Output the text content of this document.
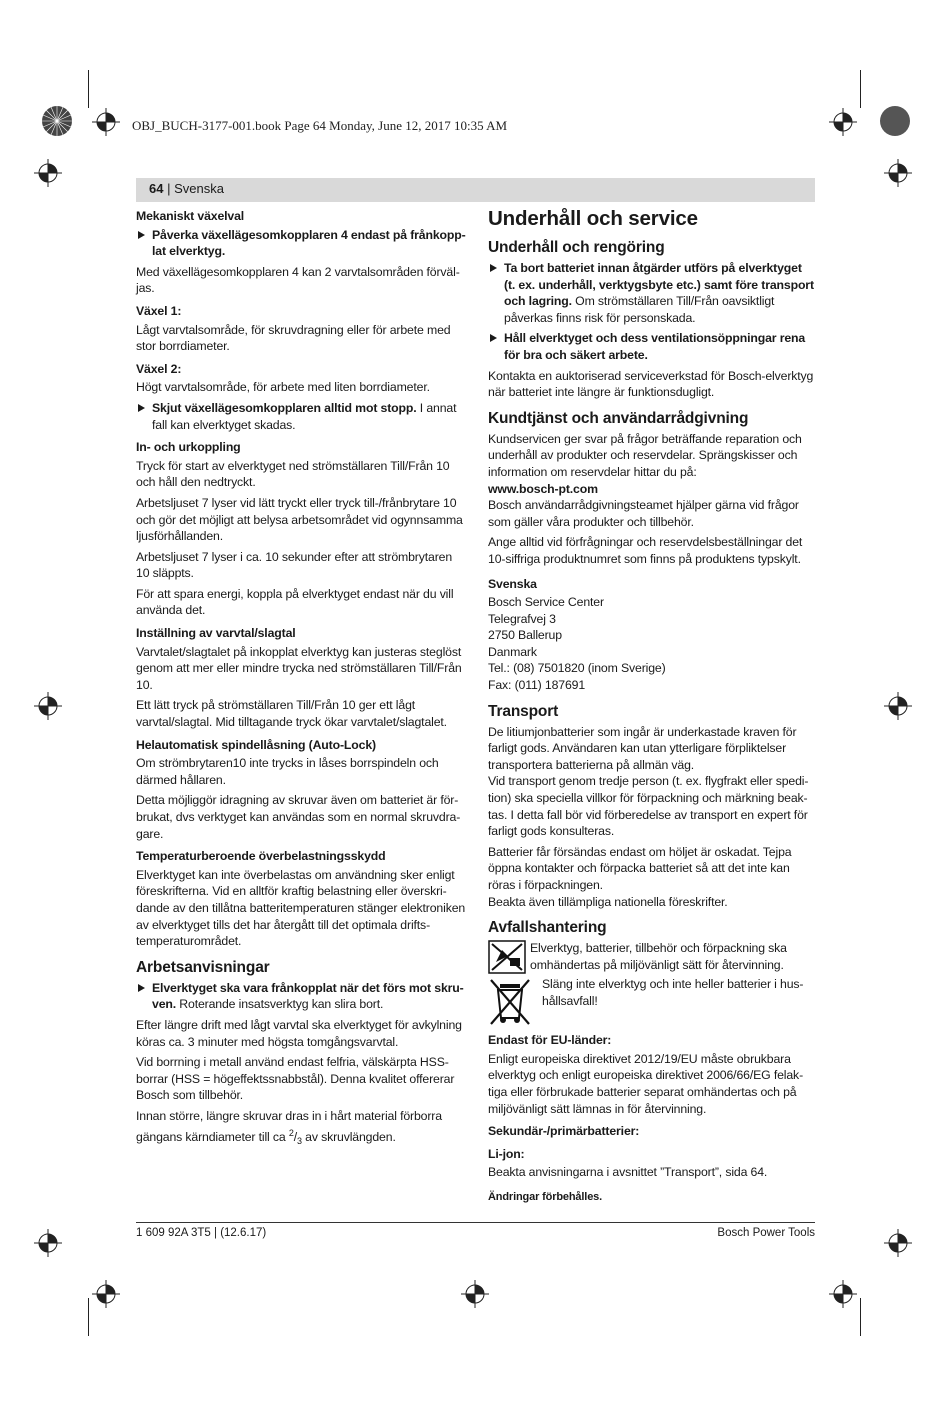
OBJ_BUCH-3177-001.book Page 64 Monday, June 12, 2017 10:35 AM
64 | Svenska
Mekaniskt växelval
Påverka växellägesomkopplaren 4 endast på frånkopplat elverktyg.

Med växellägesomkopplaren 4 kan 2 varvtalsområden förväljas.

Växel 1:

Lågt varvtalsområde, för skruvdragning eller för arbete med stor borrdiameter.

Växel 2:

Högt varvtalsområde, för arbete med liten borrdiameter.

Skjut växellägesomkopplaren alltid mot stopp. I annat fall kan elverktyget skadas.
In- och urkoppling

Tryck för start av elverktyget ned strömställaren Till/Från 10 och håll den nedtryckt.

Arbetsljuset 7 lyser vid lätt tryckt eller tryck till-/frånbrytare 10 och gör det möjligt att belysa arbetsområdet vid ogynnsamma ljusförhållanden.

Arbetsljuset 7 lyser i ca. 10 sekunder efter att strömbrytaren 10 släppts.

För att spara energi, koppla på elverktyget endast när du vill använda det.

Inställning av varvtal/slagtal

Varvtalet/slagtalet på inkopplat elverktyg kan justeras steglöst genom att mer eller mindre trycka ned strömställaren Till/Från 10.

Ett lätt tryck på strömställaren Till/Från 10 ger ett lågt varvtal/slagtal. Mid tilltagande tryck ökar varvtalet/slagtalet.

Helautomatisk spindellåsning (Auto-Lock)

Om strömbrytaren10 inte trycks in låses borrspindeln och därmed hållaren.

Detta möjliggör idragning av skruvar även om batteriet är förbrukat, dvs verktyget kan användas som en normal skruvdragare.

Temperaturberoende överbelastningsskydd

Elverktyget kan inte överbelastas om användning sker enligt föreskrifterna. Vid en alltför kraftig belastning eller överskridande av den tillåtna batteritemperaturen stänger elektroniken av elverktyget tills det har återgått till det optimala driftstemperaturområdet.

Arbetsanvisningar
Elverktyget ska vara frånkopplat när det förs mot skruven. Roterande insatsverktyg kan slira bort.

Efter längre drift med lågt varvtal ska elverktyget för avkylning köras ca. 3 minuter med högsta tomgångsvarvtal.

Vid borrning i metall använd endast felfria, välskärpta HSS-borrar (HSS = högeffektssnabbstål). Denna kvalitet offererar Bosch som tillbehör.

Innan större, längre skruvar dras in i hårt material förborra gängans kärndiameter till ca $^2/_3$ av skruvlängden.

Underhåll och service
Underhåll och rengöring
Ta bort batteriet innan åtgärder utförs på elverktyget (t. ex. underhåll, verktygsbyte etc.) samt före transport och lagring. Om strömställaren Till/Från oavsiktligt påverkas finns risk för personskada.
Håll elverktyget och dess ventilationsöppningar rena för bra och säkert arbete.

Kontakta en auktoriserad serviceverkstad för Bosch-elverktyg när batteriet inte längre är funktionsdugligt.

Kundtjänst och användarrådgivning

Kundservicen ger svar på frågor beträffande reparation och underhåll av produkter och reservdelar. Sprängskisser och information om reservdelar hittar du på:

www.bosch-pt.com

Bosch användarrådgivningsteamet hjälper gärna vid frågor som gäller våra produkter och tillbehör.

Ange alltid vid förfrågningar och reservdelsbeställningar det 10-siffriga produktnumret som finns på produktens typskylt.

Svenska

Bosch Service Center

Telegrafvej 3

2750 Ballerup

Danmark

Tel.: (08) 7501820 (inom Sverige)

Fax: (011) 187691

Transport

De litiumjonbatterier som ingår är underkastade kraven för farligt gods. Användaren kan utan ytterligare förpliktelser transportera batterierna på allmän väg.

Vid transport genom tredje person (t. ex. flygfrakt eller spedition) ska speciella villkor för förpackning och märkning beaktas. I detta fall bör vid förberedelse av transport en expert för farligt gods konsulteras.

Batterier får försändas endast om höljet är oskadat. Tejpa öppna kontakter och förpacka batteriet så att det inte kan röras i förpackningen.

Beakta även tillämpliga nationella föreskrifter.

Avfallshantering
Elverktyg, batterier, tillbehör och förpackning ska omhändertas på miljövänligt sätt för återvinning.
Släng inte elverktyg och inte heller batterier i hushållsavfall!
Endast för EU-länder:

Enligt europeiska direktivet 2012/19/EU måste obrukbara elverktyg och enligt europeiska direktivet 2006/66/EG felaktiga eller förbrukade batterier separat omhändertas och på miljövänligt sätt lämnas in för återvinning.

Sekundär-/primärbatterier:
Li-jon:

Beakta anvisningarna i avsnittet ”Transport”, sida 64.

Ändringar förbehålles.

1 609 92A 3T5 | (12.6.17)	Bosch Power Tools
